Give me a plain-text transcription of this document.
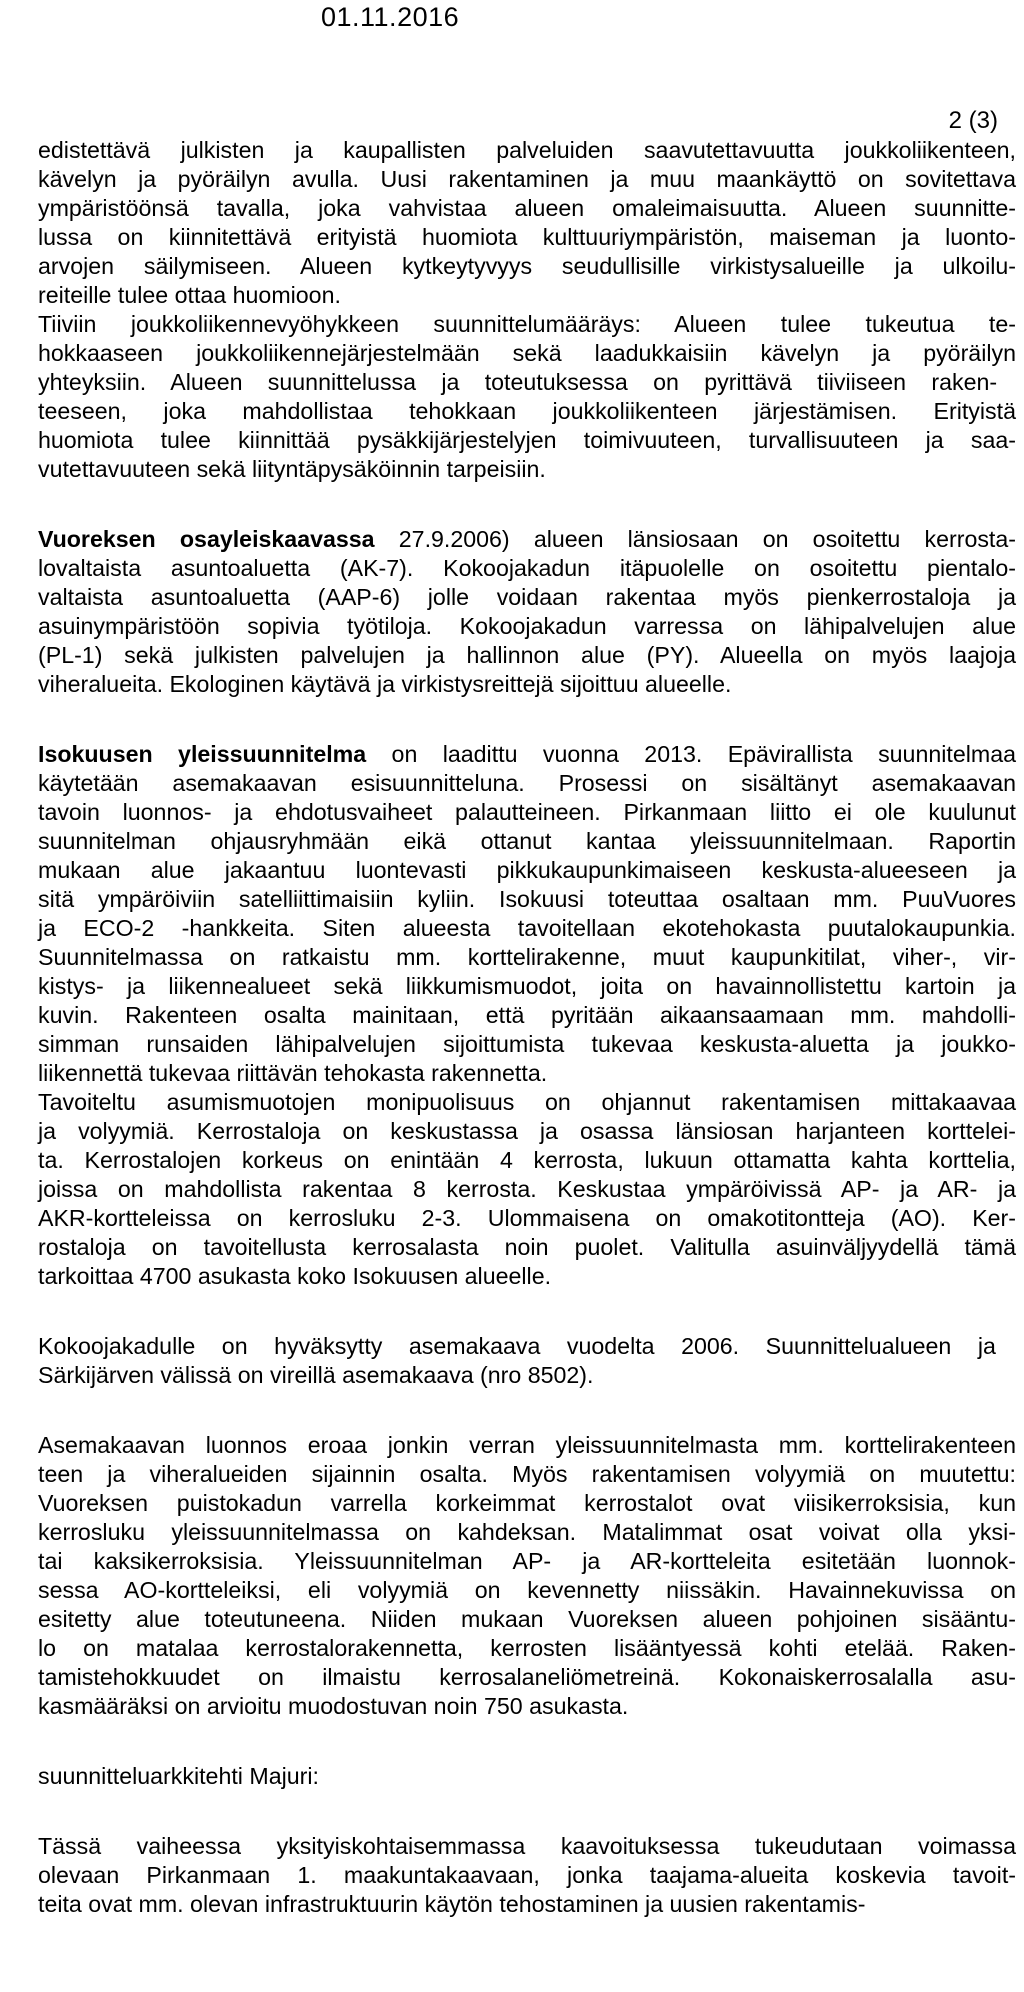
01.11.2016
2 (3)
edistettävä julkisten ja kaupallisten palveluiden saavutettavuutta joukkoliikenteen,
kävelyn ja pyöräilyn avulla. Uusi rakentaminen ja muu maankäyttö on sovitettava
ympäristöönsä tavalla, joka vahvistaa alueen omaleimaisuutta. Alueen suunnitte-
lussa on kiinnitettävä erityistä huomiota kulttuuriympäristön, maiseman ja luonto-
arvojen säilymiseen. Alueen kytkeytyvyys seudullisille virkistysalueille ja ulkoilu-
reiteille tulee ottaa huomioon.
Tiiviin joukkoliikennevyöhykkeen suunnittelumääräys: Alueen tulee tukeutua te-
hokkaaseen joukkoliikennejärjestelmään sekä laadukkaisiin kävelyn ja pyöräilyn
yhteyksiin. Alueen suunnittelussa ja toteutuksessa on pyrittävä tiiviiseen raken-
teeseen, joka mahdollistaa tehokkaan joukkoliikenteen järjestämisen. Erityistä
huomiota tulee kiinnittää pysäkkijärjestelyjen toimivuuteen, turvallisuuteen ja saa-
vutettavuuteen sekä liityntäpysäköinnin tarpeisiin.
Vuoreksen osayleiskaavassa 27.9.2006) alueen länsiosaan on osoitettu kerrosta-
lovaltaista asuntoaluetta (AK-7). Kokoojakadun itäpuolelle on osoitettu pientalo-
valtaista asuntoaluetta (AAP-6) jolle voidaan rakentaa myös pienkerrostaloja ja
asuinympäristöön sopivia työtiloja. Kokoojakadun varressa on lähipalvelujen alue
(PL-1) sekä julkisten palvelujen ja hallinnon alue (PY). Alueella on myös laajoja
viheralueita. Ekologinen käytävä ja virkistysreittejä sijoittuu alueelle.
Isokuusen yleissuunnitelma on laadittu vuonna 2013. Epävirallista suunnitelmaa
käytetään asemakaavan esisuunnitteluna. Prosessi on sisältänyt asemakaavan
tavoin luonnos- ja ehdotusvaiheet palautteineen. Pirkanmaan liitto ei ole kuulunut
suunnitelman ohjausryhmään eikä ottanut kantaa yleissuunnitelmaan. Raportin
mukaan alue jakaantuu luontevasti pikkukaupunkimaiseen keskusta-alueeseen ja
sitä ympäröiviin satelliittimaisiin kyliin. Isokuusi toteuttaa osaltaan mm. PuuVuores
ja ECO-2 -hankkeita. Siten alueesta tavoitellaan ekotehokasta puutalokaupunkia.
Suunnitelmassa on ratkaistu mm. korttelirakenne, muut kaupunkitilat, viher-, vir-
kistys- ja liikennealueet sekä liikkumismuodot, joita on havainnollistettu kartoin ja
kuvin. Rakenteen osalta mainitaan, että pyritään aikaansaamaan mm. mahdolli-
simman runsaiden lähipalvelujen sijoittumista tukevaa keskusta-aluetta ja joukko-
liikennettä tukevaa riittävän tehokasta rakennetta.
Tavoiteltu asumismuotojen monipuolisuus on ohjannut rakentamisen mittakaavaa
ja volyymiä. Kerrostaloja on keskustassa ja osassa länsiosan harjanteen korttelei-
ta. Kerrostalojen korkeus on enintään 4 kerrosta, lukuun ottamatta kahta korttelia,
joissa on mahdollista rakentaa 8 kerrosta. Keskustaa ympäröivissä AP- ja AR- ja
AKR-kortteleissa on kerrosluku 2-3. Ulommaisena on omakotitontteja (AO). Ker-
rostaloja on tavoitellusta kerrosalasta noin puolet. Valitulla asuinväljyydellä tämä
tarkoittaa 4700 asukasta koko Isokuusen alueelle.
Kokoojakadulle on hyväksytty asemakaava vuodelta 2006. Suunnittelualueen ja
Särkijärven välissä on vireillä asemakaava (nro 8502).
Asemakaavan luonnos eroaa jonkin verran yleissuunnitelmasta mm. korttelirakenteen
teen ja viheralueiden sijainnin osalta. Myös rakentamisen volyymiä on muutettu:
Vuoreksen puistokadun varrella korkeimmat kerrostalot ovat viisikerroksisia, kun
kerrosluku yleissuunnitelmassa on kahdeksan. Matalimmat osat voivat olla yksi-
tai kaksikerroksisia. Yleissuunnitelman AP- ja AR-kortteleita esitetään luonnok-
sessa AO-kortteleiksi, eli volyymiä on kevennetty niissäkin. Havainnekuvissa on
esitetty alue toteutuneena. Niiden mukaan Vuoreksen alueen pohjoinen sisääntu-
lo on matalaa kerrostalorakennetta, kerrosten lisääntyessä kohti etelää. Raken-
tamistehokkuudet on ilmaistu kerrosalaneliömetreinä. Kokonaiskerrosalalla asu-
kasmääräksi on arvioitu muodostuvan noin 750 asukasta.
suunnitteluarkkitehti Majuri:
Tässä vaiheessa yksityiskohtaisemmassa kaavoituksessa tukeudutaan voimassa
olevaan Pirkanmaan 1. maakuntakaavaan, jonka taajama-alueita koskevia tavoit-
teita ovat mm. olevan infrastruktuurin käytön tehostaminen ja uusien rakentamis-
